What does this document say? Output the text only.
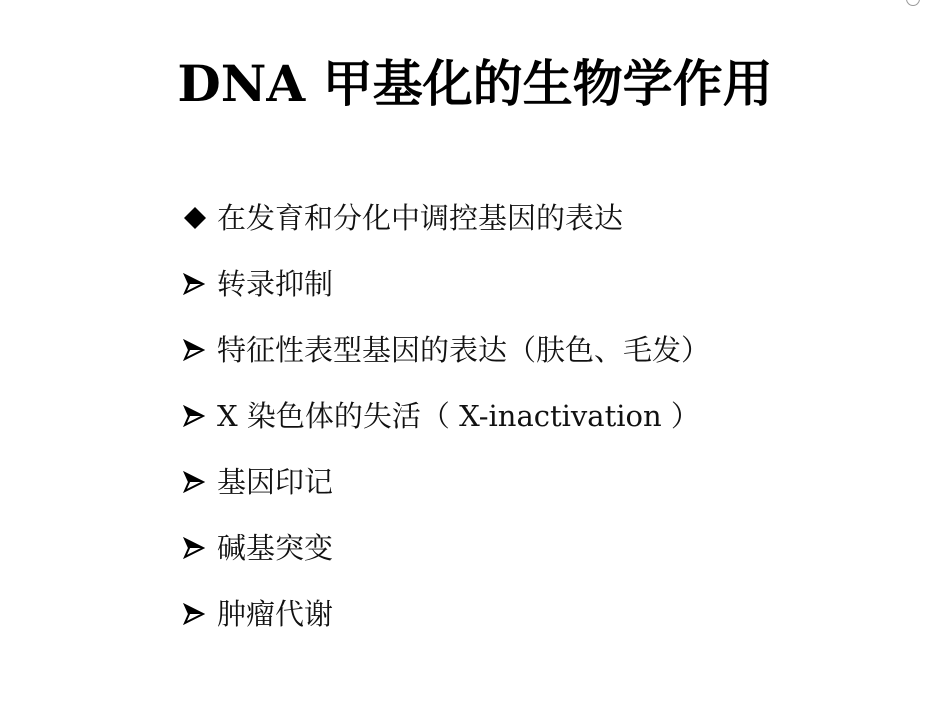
DNA 甲基化的生物学作用
在发育和分化中调控基因的表达
转录抑制
特征性表型基因的表达（肤色、毛发）
X 染色体的失活（ X-inactivation ）
基因印记
碱基突变
肿瘤代谢
